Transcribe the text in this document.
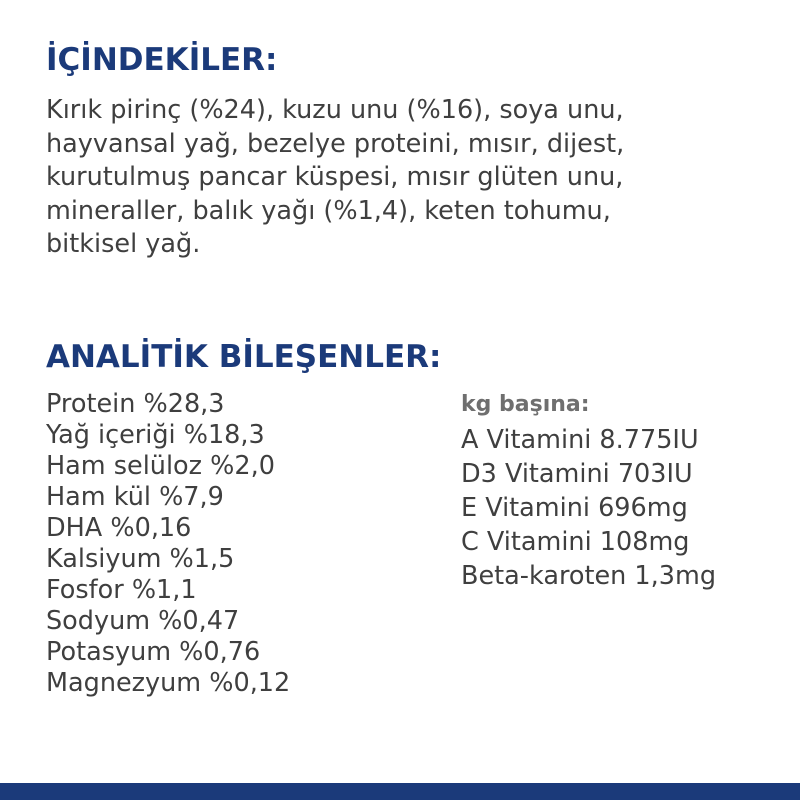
İÇİNDEKİLER:

Kırık pirinç (%24), kuzu unu (%16), soya unu,
hayvansal yağ, bezelye proteini, mısır, dijest,
kurutulmuş pancar küspesi, mısır glüten unu,
mineraller, balık yağı (%1,4), keten tohumu,
bitkisel yağ.

ANALİTİK BİLEŞENLER:
Protein %28,3
Yağ içeriği %18,3
Ham selüloz %2,0
Ham kül %7,9
DHA %0,16
Kalsiyum %1,5
Fosfor %1,1
Sodyum %0,47
Potasyum %0,76
Magnezyum %0,12
kg başına:
A Vitamini 8.775IU
D3 Vitamini 703IU
E Vitamini 696mg
C Vitamini 108mg
Beta-karoten 1,3mg
